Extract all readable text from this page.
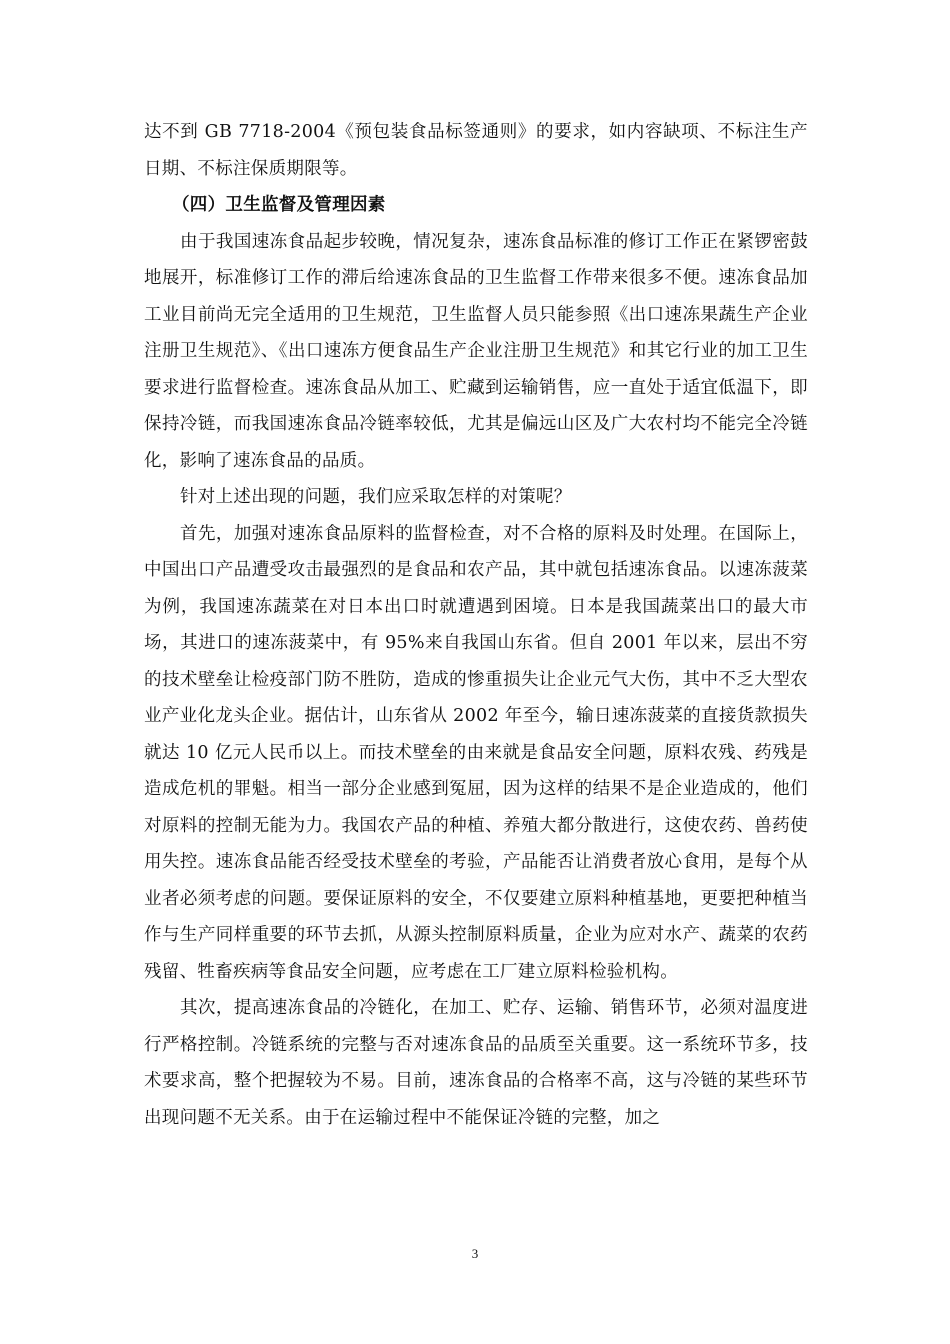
达不到 GB 7718-2004《预包装食品标签通则》的要求，如内容缺项、不标注生产日期、不标注保质期限等。

（四）卫生监督及管理因素

由于我国速冻食品起步较晚，情况复杂，速冻食品标准的修订工作正在紧锣密鼓地展开，标准修订工作的滞后给速冻食品的卫生监督工作带来很多不便。速冻食品加工业目前尚无完全适用的卫生规范，卫生监督人员只能参照《出口速冻果蔬生产企业注册卫生规范》、《出口速冻方便食品生产企业注册卫生规范》和其它行业的加工卫生要求进行监督检查。速冻食品从加工、贮藏到运输销售，应一直处于适宜低温下，即保持冷链，而我国速冻食品冷链率较低，尤其是偏远山区及广大农村均不能完全冷链化，影响了速冻食品的品质。

针对上述出现的问题，我们应采取怎样的对策呢？

首先，加强对速冻食品原料的监督检查，对不合格的原料及时处理。在国际上，中国出口产品遭受攻击最强烈的是食品和农产品，其中就包括速冻食品。以速冻菠菜为例，我国速冻蔬菜在对日本出口时就遭遇到困境。日本是我国蔬菜出口的最大市场，其进口的速冻菠菜中，有 95%来自我国山东省。但自 2001 年以来，层出不穷的技术壁垒让检疫部门防不胜防，造成的惨重损失让企业元气大伤，其中不乏大型农业产业化龙头企业。据估计，山东省从 2002 年至今，输日速冻菠菜的直接货款损失就达 10 亿元人民币以上。而技术壁垒的由来就是食品安全问题，原料农残、药残是造成危机的罪魁。相当一部分企业感到冤屈，因为这样的结果不是企业造成的，他们对原料的控制无能为力。我国农产品的种植、养殖大都分散进行，这使农药、兽药使用失控。速冻食品能否经受技术壁垒的考验，产品能否让消费者放心食用，是每个从业者必须考虑的问题。要保证原料的安全，不仅要建立原料种植基地，更要把种植当作与生产同样重要的环节去抓，从源头控制原料质量，企业为应对水产、蔬菜的农药残留、牲畜疾病等食品安全问题，应考虑在工厂建立原料检验机构。

其次，提高速冻食品的冷链化，在加工、贮存、运输、销售环节，必须对温度进行严格控制。冷链系统的完整与否对速冻食品的品质至关重要。这一系统环节多，技术要求高，整个把握较为不易。目前，速冻食品的合格率不高，这与冷链的某些环节出现问题不无关系。由于在运输过程中不能保证冷链的完整，加之

3
